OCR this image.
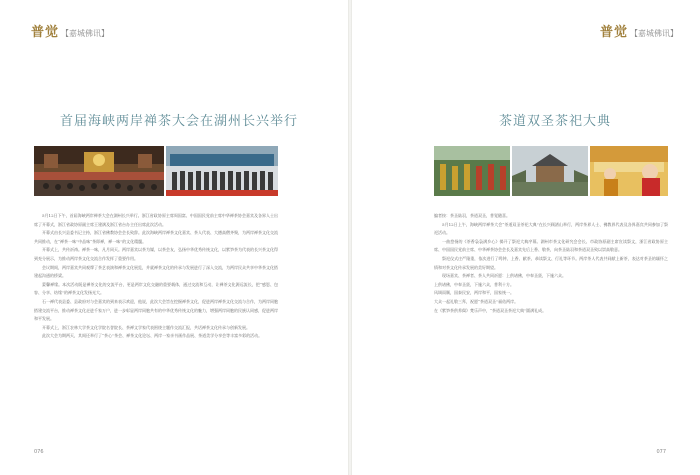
普觉 【嘉城佛讯】
首届海峡两岸禅茶大会在湖州长兴举行

5月12日下午，首届海峡两岸禅茶大会在湖州长兴举行。浙江省政协原主席周国富、中国国民党前主席中华禅茶协会嘉宾及各界人士出席了开幕式，浙江省政协原副主席王建满及浙江省台办主任出席此次活动。

开幕式由长兴县委书记主持，浙江省佛教协会会长致辞。此次海峡两岸禅茶文化嘉宾、茶人代表、大德高僧齐聚，为两岸禅茶文化交流共同推动，在“禅茶一味”中品味“茶即禅，禅一味”的文化精髓。

开幕式上，共传祈祷。禅茶一味，凡月同天。两岸嘉宾以茶为媒，以茶会友，弘扬中华优秀传统文化，以紫笋茶为代表的长兴茶文化得到充分展示，为推动两岸茶文化交流合作发挥了重要作用。

会议期间，两岸嘉宾共同观摩了茶艺表演和禅茶文化展览，并就禅茶文化的传承与发展进行了深入交流，为两岸民众共享中华茶文化搭建起沟通的桥梁。

蒙馨禅缘。本次活动既是禅茶文化的交流平台，更是两岸文化交融的重要载体，通过交流和互动，让禅茶文化源远流长，把“感恩、包容、分享、结缘”的禅茶文化发扬光大。

石一禅代表县委、县政府对与会嘉宾的到来表示欢迎，他说，此次大会旨在挖掘禅茶文化，促进两岸禅茶文化交流与合作，为两岸同胞搭建交流平台，推动禅茶文化走进千家万户，进一步彰显两岸同胞共有的中华优秀传统文化的魅力，增强两岸同胞的民族认同感，促进两岸和平发展。

开幕式上，浙江农林大学茶文化学院名誉院长、茶禅文学家代表围绕主题作交流汇报，共话禅茶文化传承与创新发展。

此次大会为期两天，其间还举行了“茶心”茶会、禅茶文化论坛、两岸一家亲书画作品展、茶道美学分享会等丰富多彩的活动。

076
普觉 【嘉城佛讯】
茶道双圣茶祀大典

编者按：茶圣陆羽，茶道双圣，普觉随喜。

5月12日上午，海峡两岸禅茶大会“茶道双圣茶祀大典”在长兴顾渚山举行，两岸茶界人士、佛教界代表及各界嘉宾共同参加了祭祀活动。

一曲悠扬的《茶香袅袅满乡心》揭开了祭祀大典序幕。湖州市茶文化研究会会长、市政协原副主席宣读祭文，浙江省政协原主席、中国国民党前主席、中华禅茶协会会长及嘉宾先后上香、敬茶，向茶圣陆羽和茶道双圣致以崇高敬意。

祭祀仪式庄严隆重，依次进行了鸣钟、上香、献茶、恭读祭文、行礼等环节。两岸茶人代表共同献上新茶，表达对茶圣的缅怀之情和对茶文化传承发展的美好期望。

现场嘉宾、茶禅者、茶人共同祈愿：上供诸佛，中奉圣贤，下施六众。

上供诸佛，中奉圣贤，下施六众，普利十方。

风调雨顺，国泰民安，两岸和平，国家统一。

大众一起礼敬三拜，祝愿“茶道双圣”福佑两岸。

在《紫笋茶供养偈》梵乐声中，“茶道双圣茶祀大典”圆满礼成。

077
